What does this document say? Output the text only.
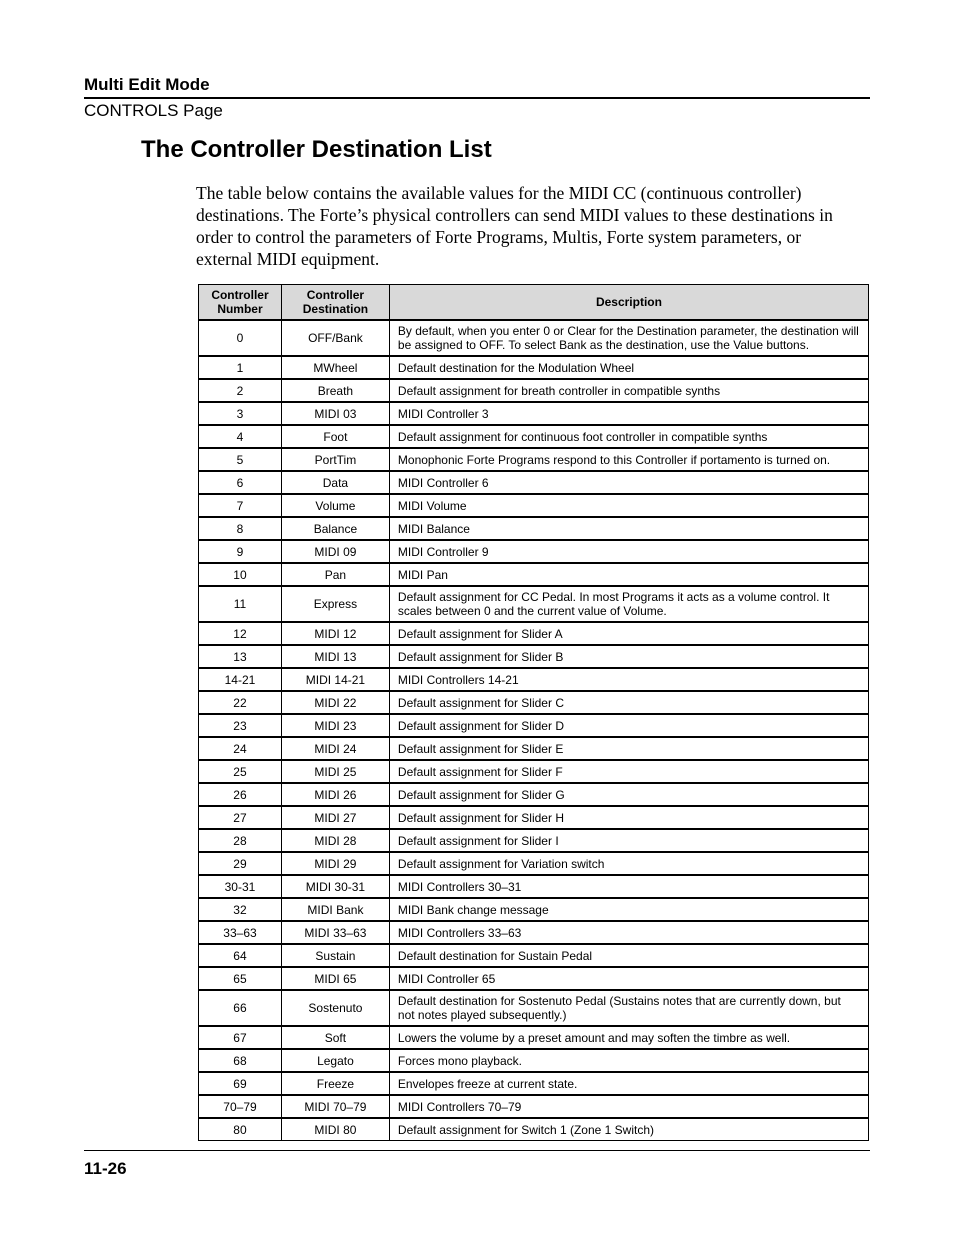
Multi Edit Mode
CONTROLS Page
The Controller Destination List

The table below contains the available values for the MIDI CC (continuous controller) destinations. The Forte’s physical controllers can send MIDI values to these destinations in order to control the parameters of Forte Programs, Multis, Forte system parameters, or external MIDI equipment.

Controller Number	Controller Destination	Description
0	OFF/Bank	By default, when you enter 0 or Clear for the Destination parameter, the destination will be assigned to OFF. To select Bank as the destination, use the Value buttons.
1	MWheel	Default destination for the Modulation Wheel
2	Breath	Default assignment for breath controller in compatible synths
3	MIDI 03	MIDI Controller 3
4	Foot	Default assignment for continuous foot controller in compatible synths
5	PortTim	Monophonic Forte Programs respond to this Controller if portamento is turned on.
6	Data	MIDI Controller 6
7	Volume	MIDI Volume
8	Balance	MIDI Balance
9	MIDI 09	MIDI Controller 9
10	Pan	MIDI Pan
11	Express	Default assignment for CC Pedal. In most Programs it acts as a volume control. It scales between 0 and the current value of Volume.
12	MIDI 12	Default assignment for Slider A
13	MIDI 13	Default assignment for Slider B
14-21	MIDI 14-21	MIDI Controllers 14-21
22	MIDI 22	Default assignment for Slider C
23	MIDI 23	Default assignment for Slider D
24	MIDI 24	Default assignment for Slider E
25	MIDI 25	Default assignment for Slider F
26	MIDI 26	Default assignment for Slider G
27	MIDI 27	Default assignment for Slider H
28	MIDI 28	Default assignment for Slider I
29	MIDI 29	Default assignment for Variation switch
30-31	MIDI 30-31	MIDI Controllers 30–31
32	MIDI Bank	MIDI Bank change message
33–63	MIDI 33–63	MIDI Controllers 33–63
64	Sustain	Default destination for Sustain Pedal
65	MIDI 65	MIDI Controller 65
66	Sostenuto	Default destination for Sostenuto Pedal (Sustains notes that are currently down, but not notes played subsequently.)
67	Soft	Lowers the volume by a preset amount and may soften the timbre as well.
68	Legato	Forces mono playback.
69	Freeze	Envelopes freeze at current state.
70–79	MIDI 70–79	MIDI Controllers 70–79
80	MIDI 80	Default assignment for Switch 1 (Zone 1 Switch)
11-26
